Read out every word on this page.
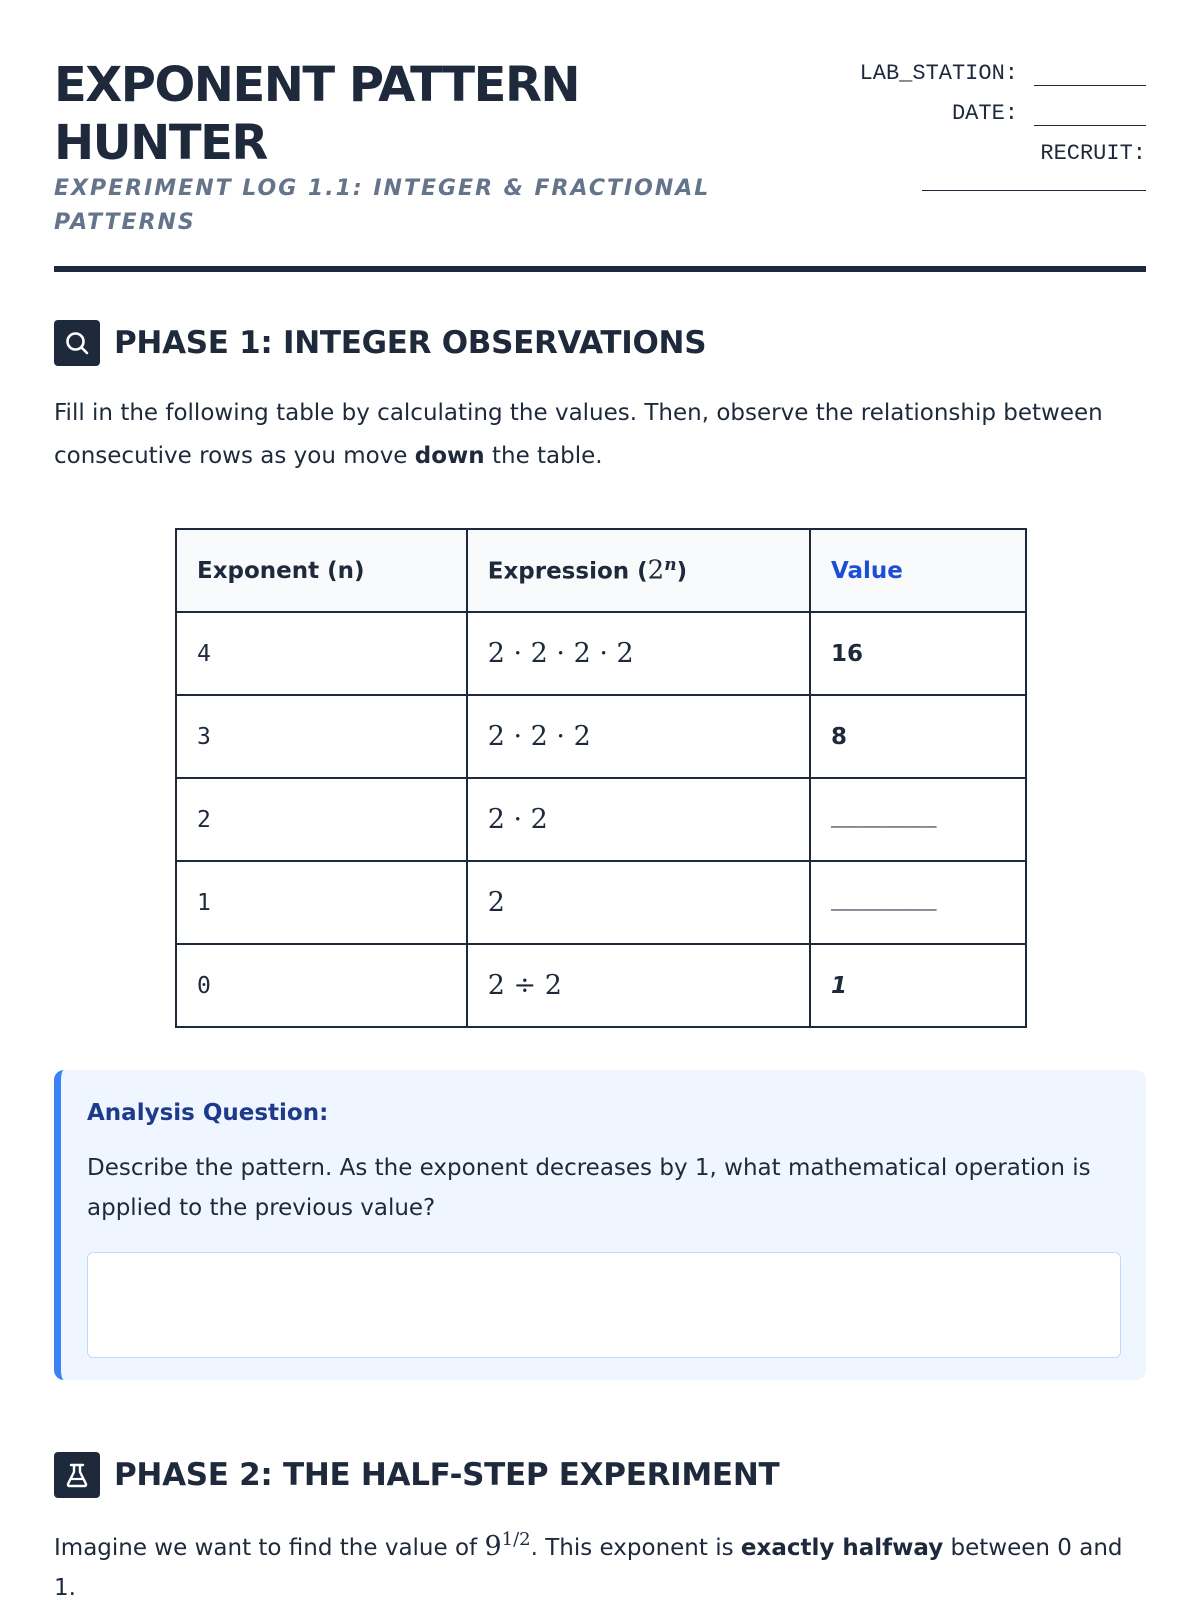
EXPONENT PATTERN HUNTER
EXPERIMENT LOG 1.1: INTEGER & FRACTIONAL PATTERNS
LAB_STATION:
DATE:
RECRUIT:
PHASE 1: INTEGER OBSERVATIONS
Fill in the following table by calculating the values. Then, observe the relationship between consecutive rows as you move down the table.
Exponent (n)	Expression (2$^n$)	Value
4	2 · 2 · 2 · 2	16
3	2 · 2 · 2	8
2	2 · 2	________
1	2	________
0	2 ÷ 2	1
Analysis Question:
Describe the pattern. As the exponent decreases by 1, what mathematical operation is applied to the previous value?
PHASE 2: THE HALF-STEP EXPERIMENT
Imagine we want to find the value of $9^{1/2}$. This exponent is exactly halfway between 0 and 1.
